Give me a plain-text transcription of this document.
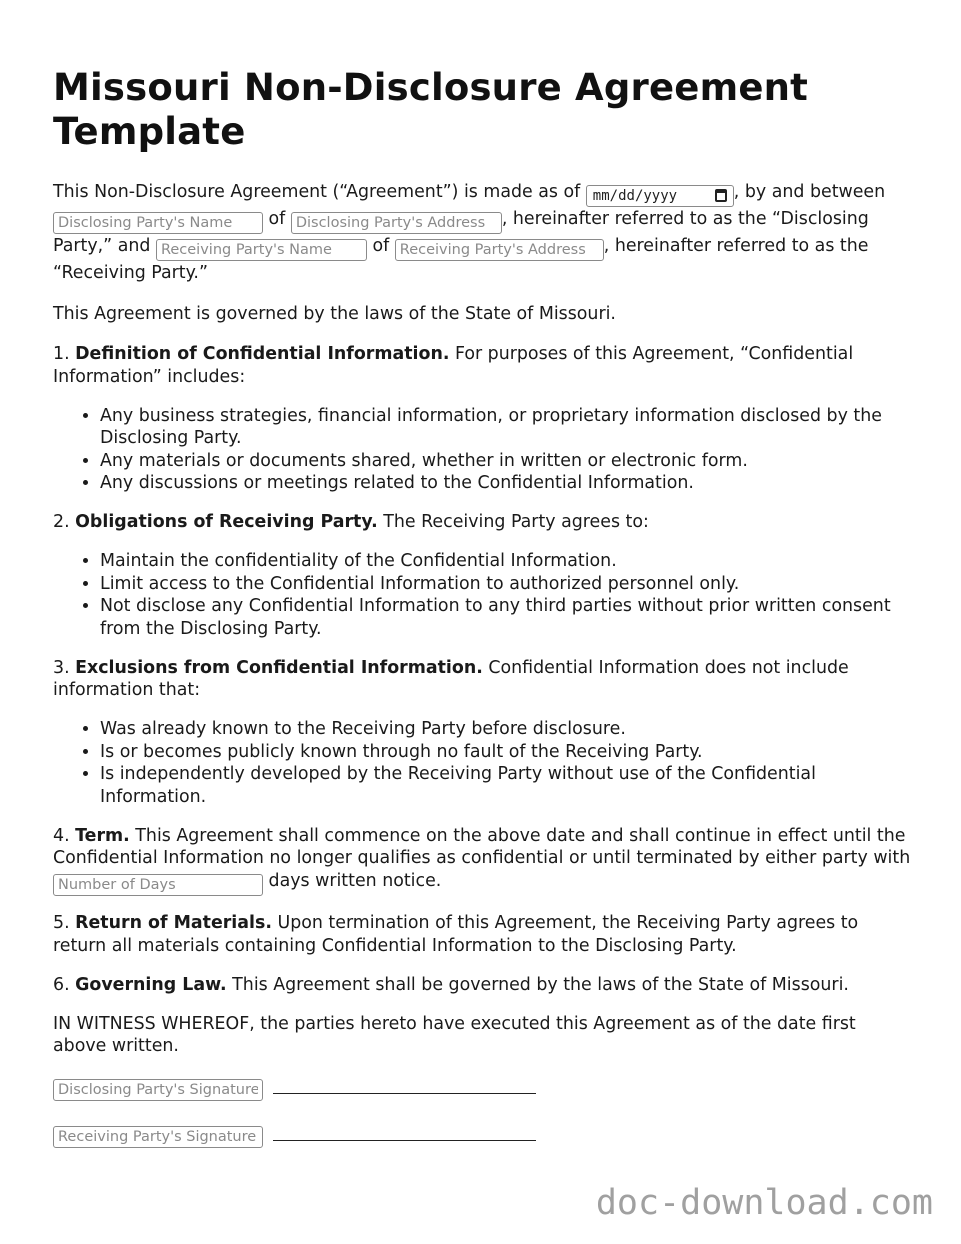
Missouri Non-Disclosure Agreement Template

This Non-Disclosure Agreement (“Agreement”) is made as of mm/dd/yyyy	, by and between Disclosing Party's Name of Disclosing Party's Address	, hereinafter referred to as the “Disclosing Party,” and Receiving Party's Name	of Receiving Party's Address	, hereinafter referred to as the “Receiving Party.”

This Agreement is governed by the laws of the State of Missouri.

1. Definition of Confidential Information. For purposes of this Agreement, “Confidential Information” includes:

• Any business strategies, financial information, or proprietary information disclosed by the Disclosing Party.
• Any materials or documents shared, whether in written or electronic form.
• Any discussions or meetings related to the Confidential Information.

2. Obligations of Receiving Party. The Receiving Party agrees to:

• Maintain the confidentiality of the Confidential Information.
• Limit access to the Confidential Information to authorized personnel only.
• Not disclose any Confidential Information to any third parties without prior written consent from the Disclosing Party.

3. Exclusions from Confidential Information. Confidential Information does not include information that:

• Was already known to the Receiving Party before disclosure.
• Is or becomes publicly known through no fault of the Receiving Party.
• Is independently developed by the Receiving Party without use of the Confidential Information.

4. Term. This Agreement shall commence on the above date and shall continue in effect until the Confidential Information no longer qualifies as confidential or until terminated by either party with Number of Days days written notice.

5. Return of Materials. Upon termination of this Agreement, the Receiving Party agrees to return all materials containing Confidential Information to the Disclosing Party.

6. Governing Law. This Agreement shall be governed by the laws of the State of Missouri.

IN WITNESS WHEREOF, the parties hereto have executed this Agreement as of the date first above written.

Disclosing Party's Signature
Receiving Party's Signature
doc-download.com
